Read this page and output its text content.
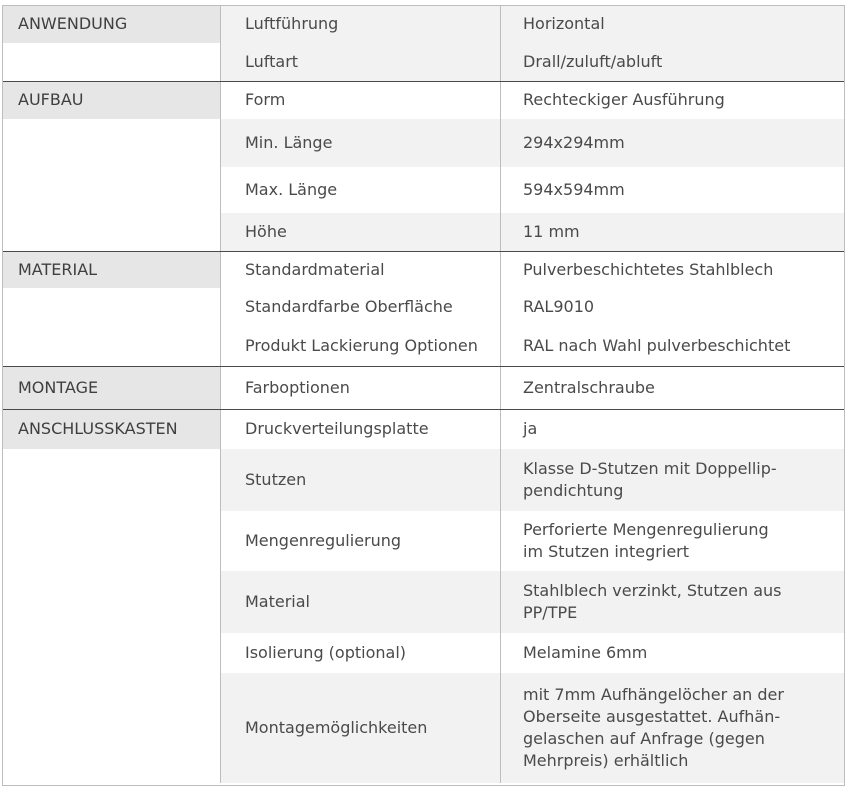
ANWENDUNG	Luftführung	Horizontal
	Luftart	Drall/zuluft/abluft
AUFBAU	Form	Rechteckiger Ausführung
	Min. Länge	294x294mm
	Max. Länge	594x594mm
	Höhe	11 mm
MATERIAL	Standardmaterial	Pulverbeschichtetes Stahlblech
	Standardfarbe Oberfläche	RAL9010
	Produkt Lackierung Optionen	RAL nach Wahl pulverbeschichtet
MONTAGE	Farboptionen	Zentralschraube
ANSCHLUSSKASTEN	Druckverteilungsplatte	ja
	Stutzen	Klasse D-Stutzen mit Doppellip-
pendichtung
	Mengenregulierung	Perforierte Mengenregulierung
im Stutzen integriert
	Material	Stahlblech verzinkt, Stutzen aus
PP/TPE
	Isolierung (optional)	Melamine 6mm
	Montagemöglichkeiten	mit 7mm Aufhängelöcher an der
Oberseite ausgestattet. Aufhän-
gelaschen auf Anfrage (gegen
Mehrpreis) erhältlich
